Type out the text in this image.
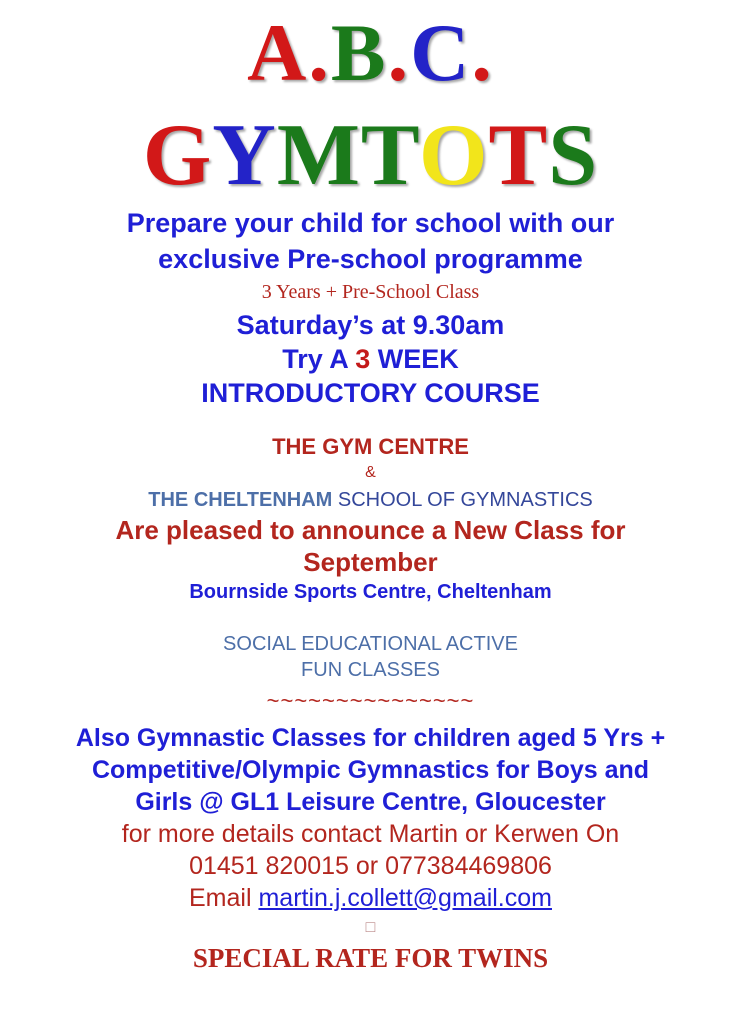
A.B.C.
GYMTOTS
Prepare your child for school with our
exclusive Pre-school programme
3 Years + Pre-School Class
Saturday’s at 9.30am
Try A 3 WEEK
INTRODUCTORY COURSE
THE GYM CENTRE
&
THE CHELTENHAM SCHOOL OF GYMNASTICS
Are pleased to announce a New Class for
September
Bournside Sports Centre, Cheltenham
SOCIAL EDUCATIONAL ACTIVE
FUN CLASSES
~~~~~~~~~~~~~~~
Also Gymnastic Classes for children aged 5 Yrs +
Competitive/Olympic Gymnastics for Boys and
Girls @ GL1 Leisure Centre, Gloucester
for more details contact Martin or Kerwen On
01451 820015 or 077384469806
Email martin.j.collett@gmail.com
□
SPECIAL RATE FOR TWINS
